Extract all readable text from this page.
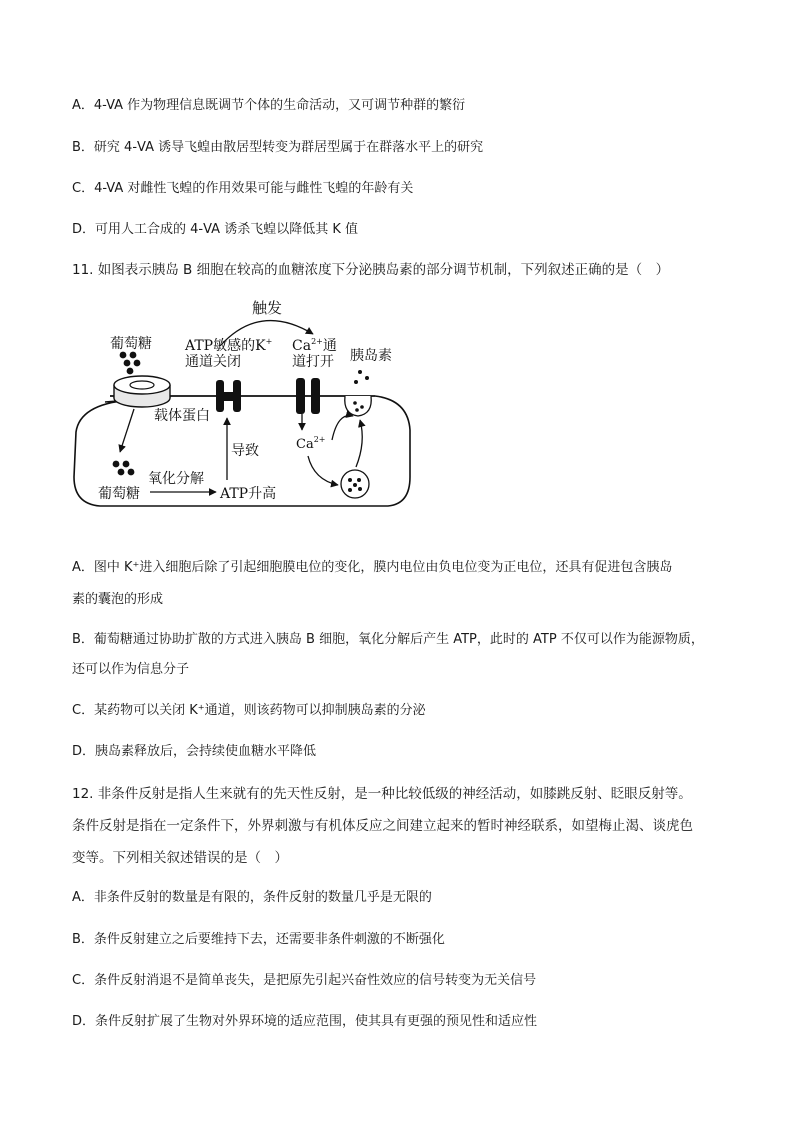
A．4-VA 作为物理信息既调节个体的生命活动，又可调节种群的繁衍
B．研究 4-VA 诱导飞蝗由散居型转变为群居型属于在群落水平上的研究
C．4-VA 对雌性飞蝗的作用效果可能与雌性飞蝗的年龄有关
D．可用人工合成的 4-VA 诱杀飞蝗以降低其 K 值
11. 如图表示胰岛 B 细胞在较高的血糖浓度下分泌胰岛素的部分调节机制，下列叙述正确的是（　）
葡萄糖
载体蛋白
ATP敏感的K+
通道关闭
触发
$Ca^{2+}$通
道打开 胰岛素
$Ca^{2+}$
葡萄糖
氧化分解
ATP升高
导致
A．图中 K⁺进入细胞后除了引起细胞膜电位的变化，膜内电位由负电位变为正电位，还具有促进包含胰岛
素的囊泡的形成
B．葡萄糖通过协助扩散的方式进入胰岛 B 细胞，氧化分解后产生 ATP，此时的 ATP 不仅可以作为能源物质，
还可以作为信息分子
C．某药物可以关闭 K⁺通道，则该药物可以抑制胰岛素的分泌
D．胰岛素释放后，会持续使血糖水平降低
12. 非条件反射是指人生来就有的先天性反射，是一种比较低级的神经活动，如膝跳反射、眨眼反射等。
条件反射是指在一定条件下，外界刺激与有机体反应之间建立起来的暂时神经联系，如望梅止渴、谈虎色
变等。下列相关叙述错误的是（　）
A．非条件反射的数量是有限的，条件反射的数量几乎是无限的
B．条件反射建立之后要维持下去，还需要非条件刺激的不断强化
C．条件反射消退不是简单丧失，是把原先引起兴奋性效应的信号转变为无关信号
D．条件反射扩展了生物对外界环境的适应范围，使其具有更强的预见性和适应性
